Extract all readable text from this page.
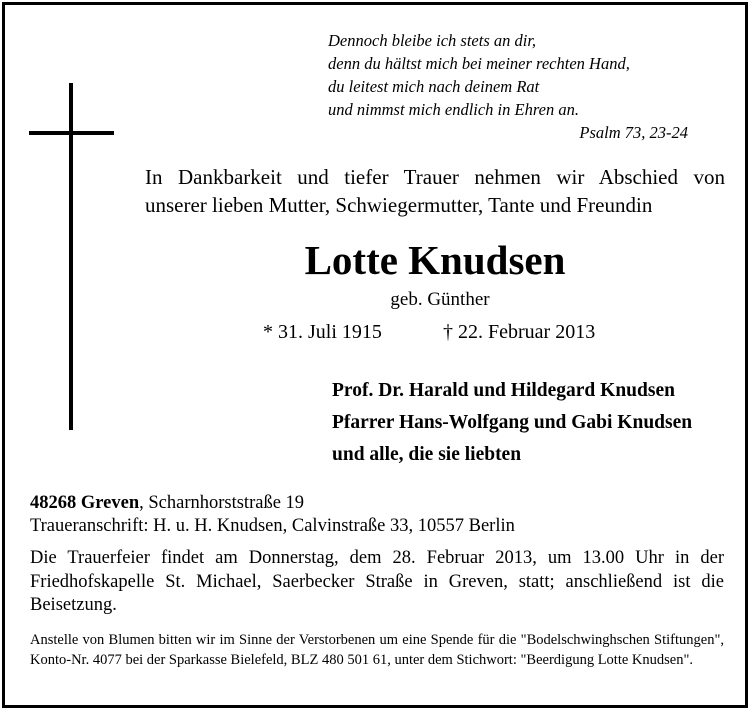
Dennoch bleibe ich stets an dir,
denn du hältst mich bei meiner rechten Hand,
du leitest mich nach deinem Rat
und nimmst mich endlich in Ehren an.
Psalm 73, 23-24
In Dankbarkeit und tiefer Trauer nehmen wir Abschied von
unserer lieben Mutter, Schwiegermutter, Tante und Freundin
Lotte Knudsen
geb. Günther
* 31. Juli 1915	† 22. Februar 2013
Prof. Dr. Harald und Hildegard Knudsen
Pfarrer Hans-Wolfgang und Gabi Knudsen
und alle, die sie liebten
48268 Greven, Scharnhorststraße 19
Traueranschrift: H. u. H. Knudsen, Calvinstraße 33, 10557 Berlin
Die Trauerfeier findet am Donnerstag, dem 28. Februar 2013, um 13.00 Uhr in der Friedhofskapelle St. Michael, Saerbecker Straße in Greven, statt; anschließend ist die Beisetzung.
Anstelle von Blumen bitten wir im Sinne der Verstorbenen um eine Spende für die "Bodelschwinghschen Stiftungen", Konto-Nr. 4077 bei der Sparkasse Bielefeld, BLZ 480 501 61, unter dem Stichwort: "Beerdigung Lotte Knudsen".
